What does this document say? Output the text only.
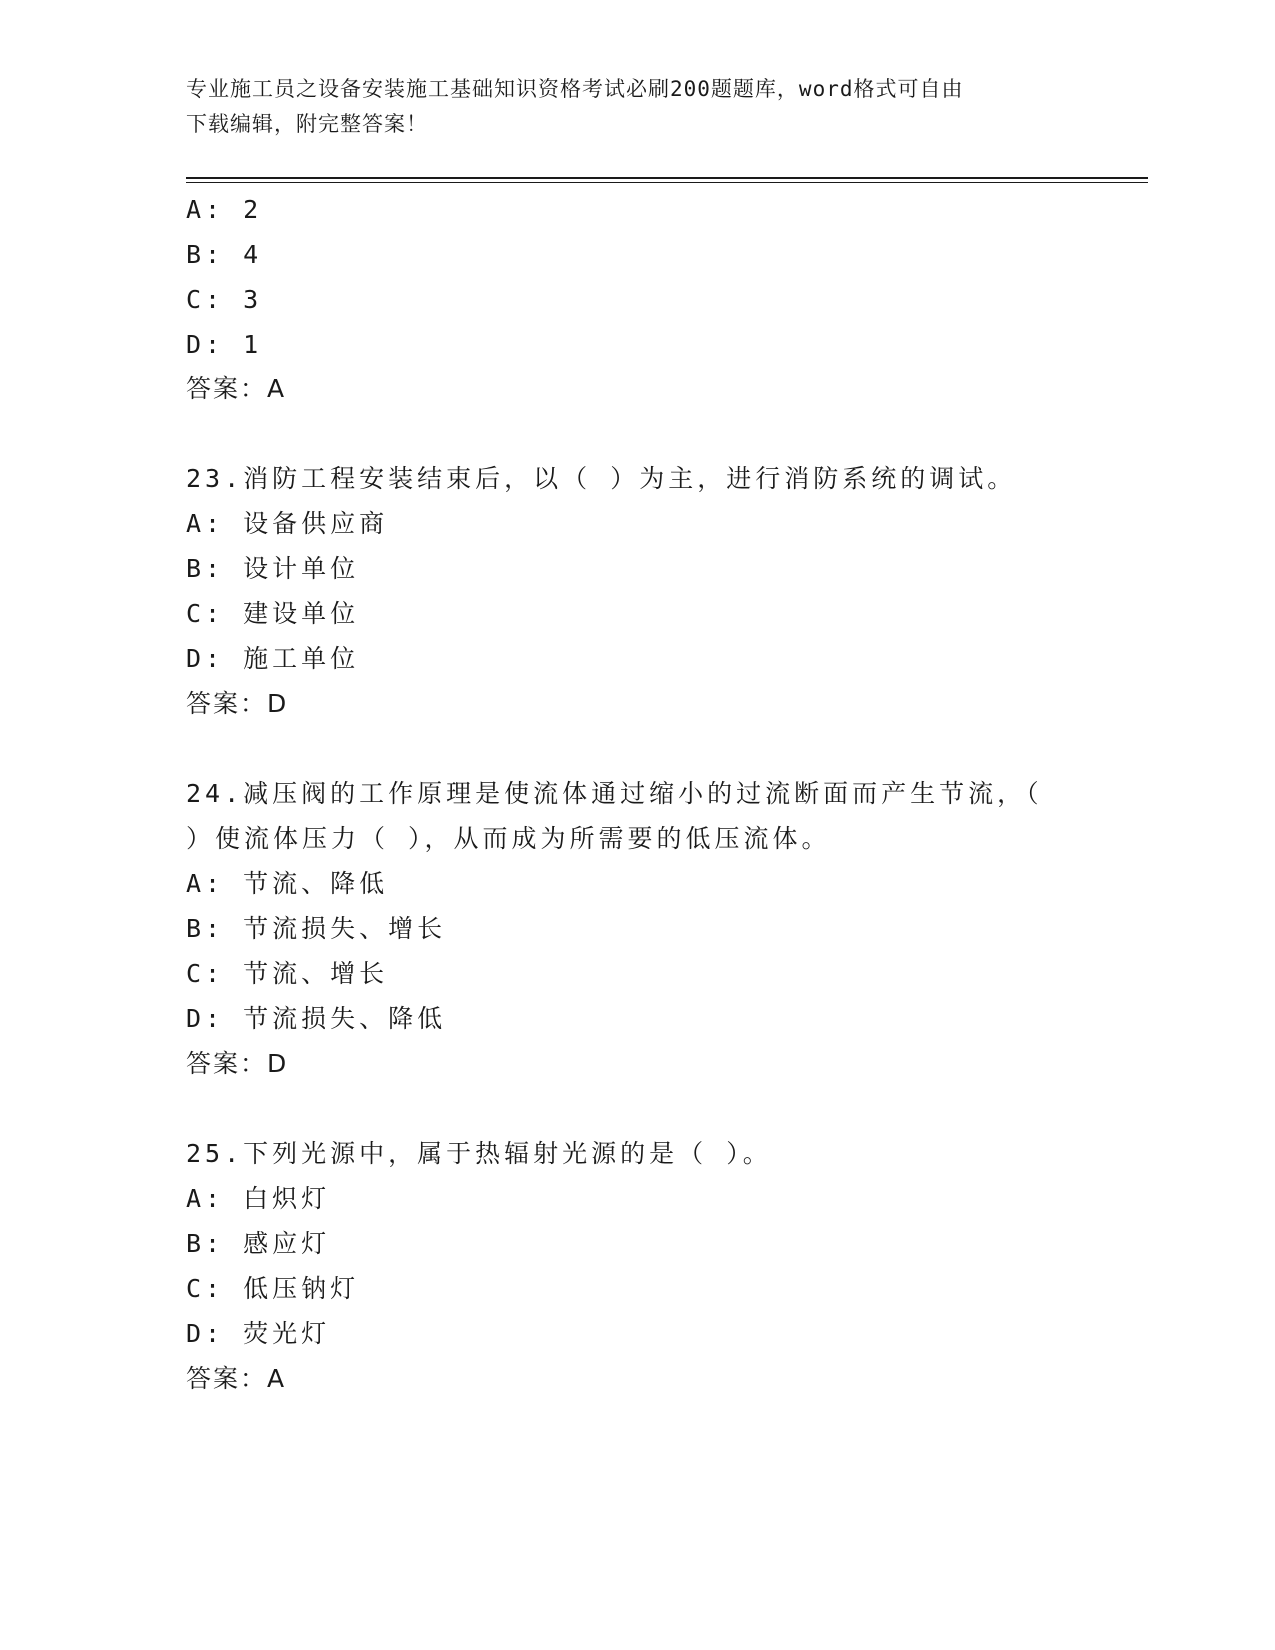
专业施工员之设备安装施工基础知识资格考试必刷200题题库，word格式可自由
下载编辑，附完整答案！
A: 2
B: 4
C: 3
D: 1
答案：A
23.消防工程安装结束后，以（ ）为主，进行消防系统的调试。
A: 设备供应商
B: 设计单位
C: 建设单位
D: 施工单位
答案：D
24.减压阀的工作原理是使流体通过缩小的过流断面而产生节流，（
）使流体压力（ ），从而成为所需要的低压流体。
A: 节流、降低
B: 节流损失、增长
C: 节流、增长
D: 节流损失、降低
答案：D
25.下列光源中，属于热辐射光源的是（ ）。
A: 白炽灯
B: 感应灯
C: 低压钠灯
D: 荧光灯
答案：A
